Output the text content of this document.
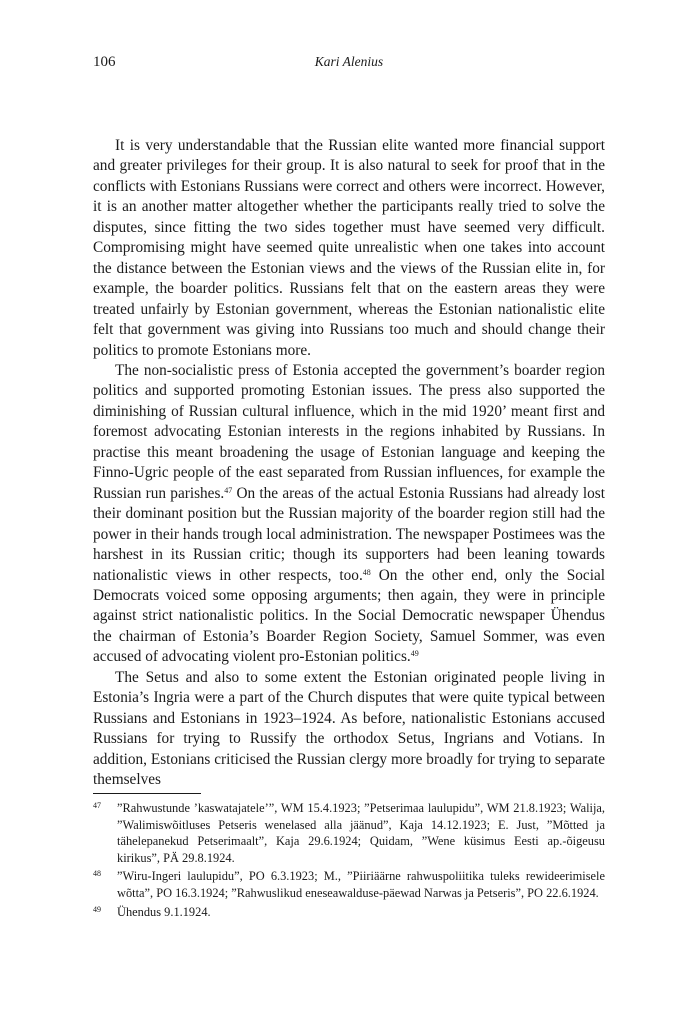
106	Kari Alenius

It is very understandable that the Russian elite wanted more financial support and greater privileges for their group. It is also natural to seek for proof that in the conflicts with Estonians Russians were correct and others were incorrect. However, it is an another matter altogether whether the participants really tried to solve the disputes, since fitting the two sides together must have seemed very difficult. Compromising might have seemed quite unrealistic when one takes into account the distance between the Estonian views and the views of the Russian elite in, for example, the boarder politics. Russians felt that on the eastern areas they were treated unfairly by Estonian government, whereas the Estonian nationalistic elite felt that government was giving into Russians too much and should change their politics to promote Estonians more.

The non-socialistic press of Estonia accepted the government’s boarder region politics and supported promoting Estonian issues. The press also supported the diminishing of Russian cultural influence, which in the mid 1920’ meant first and foremost advocating Estonian interests in the regions inhabited by Russians. In practise this meant broadening the usage of Estonian language and keeping the Finno-Ugric people of the east separated from Russian influences, for example the Russian run parishes.$^{47}$ On the areas of the actual Estonia Russians had already lost their dominant position but the Russian majority of the boarder region still had the power in their hands trough local administration. The newspaper Postimees was the harshest in its Russian critic; though its supporters had been leaning towards nationalistic views in other respects, too.$^{48}$ On the other end, only the Social Democrats voiced some opposing arguments; then again, they were in principle against strict nationalistic politics. In the Social Democratic newspaper Ühendus the chairman of Estonia’s Boarder Region Society, Samuel Sommer, was even accused of advocating violent pro-Estonian politics.$^{49}$

The Setus and also to some extent the Estonian originated people living in Estonia’s Ingria were a part of the Church disputes that were quite typical between Russians and Estonians in 1923–1924. As before, nationalistic Estonians accused Russians for trying to Russify the orthodox Setus, Ingrians and Votians. In addition, Estonians criticised the Russian clergy more broadly for trying to separate themselves

47 ”Rahwustunde ’kaswatajatele’”, WM 15.4.1923; ”Petserimaa laulupidu”, WM 21.8.1923; Walija, ”Walimiswõitluses Petseris wenelased alla jäänud”, Kaja 14.12.1923; E. Just, ”Mõtted ja tähelepanekud Petserimaalt”, Kaja 29.6.1924; Quidam, ”Wene küsimus Eesti ap.-õigeusu kirikus”, PÄ 29.8.1924.
48 ”Wiru-Ingeri laulupidu”, PO 6.3.1923; M., ”Piiriäärne rahwuspoliitika tuleks rewideerimisele wõtta”, PO 16.3.1924; ”Rahwuslikud eneseawalduse-päewad Narwas ja Petseris”, PO 22.6.1924.
49 Ühendus 9.1.1924.
